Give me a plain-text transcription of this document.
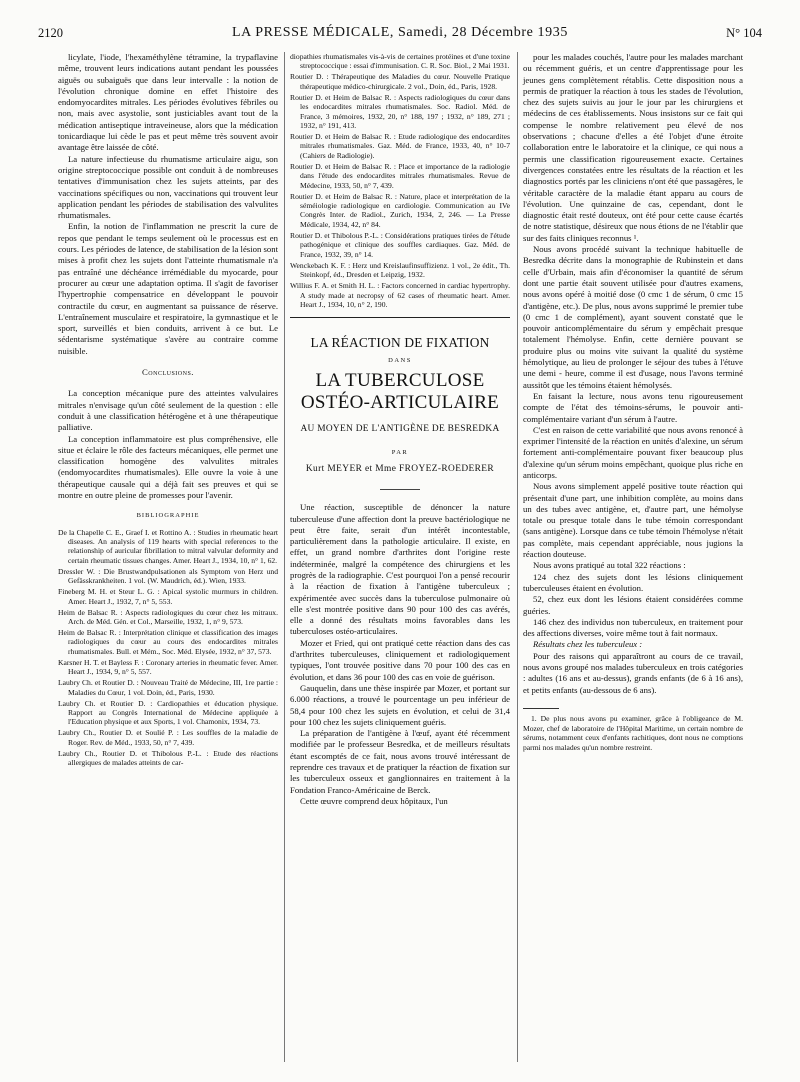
2120	LA PRESSE MÉDICALE, Samedi, 28 Décembre 1935	N° 104

licylate, l'iode, l'hexaméthylène tétramine, la trypaflavine même, trouvent leurs indications autant pendant les poussées aiguës ou subaiguës que dans leur intervalle : la notion de l'évolution chronique domine en effet l'histoire des endomyocardites mitrales. Les périodes évolutives fébriles ou non, mais avec asystolie, sont justiciables avant tout de la médication antiseptique intraveineuse, alors que la médication tonicardiaque lui cède le pas et peut même très souvent avoir avantage être laissée de côté.

La nature infectieuse du rhumatisme articulaire aigu, son origine streptococcique possible ont conduit à de nombreuses tentatives d'immunisation chez les sujets atteints, par des vaccinations spécifiques ou non, vaccinations qui trouvent leur application pendant les périodes de stabilisation des valvulites rhumatismales.

Enfin, la notion de l'inflammation ne prescrit la cure de repos que pendant le temps seulement où le processus est en cours. Les périodes de latence, de stabilisation de la lésion sont mises à profit chez les sujets dont l'atteinte rhumatismale n'a pas entraîné une déchéance irrémédiable du myocarde, pour procurer au cœur une adaptation optima. Il s'agit de favoriser l'hypertrophie compensatrice en développant le pouvoir contractile du cœur, en augmentant sa puissance de réserve. L'entraînement musculaire et respiratoire, la gymnastique et le sport, surveillés et bien conduits, arrivent à ce but. Le sédentarisme systématique s'avère au contraire comme nuisible.

Conclusions.

La conception mécanique pure des atteintes valvulaires mitrales n'envisage qu'un côté seulement de la question : elle conduit à une classification hétérogène et à une thérapeutique palliative.

La conception inflammatoire est plus compréhensive, elle situe et éclaire le rôle des facteurs mécaniques, elle permet une classification homogène des valvulites mitrales (endomyocardites rhumatismales). Elle ouvre la voie à une thérapeutique causale qui a déjà fait ses preuves et qui se montre en outre pleine de promesses pour l'avenir.

BIBLIOGRAPHIE
De la Chapelle C. E., Graef I. et Rottino A. : Studies in rheumatic heart diseases. An analysis of 119 hearts with special references to the relationship of auricular fibrillation to mitral valvular deformity and certain rheumatic tissues changes. Amer. Heart J., 1934, 10, n° 1, 62.
Dressler W. : Die Brustwandpulsationen als Symptom von Herz und Gefässkrankheiten. 1 vol. (W. Maudrich, éd.). Wien, 1933.
Fineberg M. H. et Steur L. G. : Apical systolic murmurs in children. Amer. Heart J., 1932, 7, n° 5, 553.
Heim de Balsac R. : Aspects radiologiques du cœur chez les mitraux. Arch. de Méd. Gén. et Col., Marseille, 1932, 1, n° 9, 573.
Heim de Balsac R. : Interprétation clinique et classification des images radiologiques du cœur au cours des endocardites mitrales rhumatismales. Bull. et Mém., Soc. Méd. Elysée, 1932, n° 37, 573.
Karsner H. T. et Bayless F. : Coronary arteries in rheumatic fever. Amer. Heart J., 1934, 9, n° 5, 557.
Laubry Ch. et Routier D. : Nouveau Traité de Médecine, III, 1re partie : Maladies du Cœur, 1 vol. Doin, éd., Paris, 1930.
Laubry Ch. et Routier D. : Cardiopathies et éducation physique. Rapport au Congrès International de Médecine appliquée à l'Education physique et aux Sports, 1 vol. Chamonix, 1934, 73.
Laubry Ch., Routier D. et Soulié P. : Les souffles de la maladie de Roger. Rev. de Méd., 1933, 50, n° 7, 439.
Laubry Ch., Routier D. et Thibolous P.-L. : Etude des réactions allergiques de malades atteints de car-
diopathies rhumatismales vis-à-vis de certaines protéines et d'une toxine streptococcique : essai d'immunisation. C. R. Soc. Biol., 2 Mai 1931.
Routier D. : Thérapeutique des Maladies du cœur. Nouvelle Pratique thérapeutique médico-chirurgicale. 2 vol., Doin, éd., Paris, 1928.
Routier D. et Heim de Balsac R. : Aspects radiologiques du cœur dans les endocardites mitrales rhumatismales. Soc. Radiol. Méd. de France, 3 mémoires, 1932, 20, n° 188, 197 ; 1932, n° 189, 271 ; 1932, n° 191, 413.
Routier D. et Heim de Balsac R. : Etude radiologique des endocardites mitrales rhumatismales. Gaz. Méd. de France, 1933, 40, n° 10-7 (Cahiers de Radiologie).
Routier D. et Heim de Balsac R. : Place et importance de la radiologie dans l'étude des endocardites mitrales rhumatismales. Revue de Médecine, 1933, 50, n° 7, 439.
Routier D. et Heim de Balsac R. : Nature, place et interprétation de la séméiologie radiologique en cardiologie. Communication au IVe Congrès Inter. de Radiol., Zurich, 1934, 2, 246. — La Presse Médicale, 1934, 42, n° 84.
Routier D. et Thibolous P.-L. : Considérations pratiques tirées de l'étude pathogénique et clinique des souffles cardiaques. Gaz. Méd. de France, 1932, 39, n° 14.
Wenckebach K. F. : Herz und Kreislaufinsuffizienz. 1 vol., 2e édit., Th. Steinkopf, éd., Dresden et Leipzig, 1932.
Willius F. A. et Smith H. L. : Factors concerned in cardiac hypertrophy. A study made at necropsy of 62 cases of rheumatic heart. Amer. Heart J., 1934, 10, n° 2, 190.
LA RÉACTION DE FIXATION
DANS
LA TUBERCULOSE
OSTÉO-ARTICULAIRE
AU MOYEN DE L'ANTIGÈNE DE BESREDKA
PAR
Kurt MEYER et Mme FROYEZ-ROEDERER

Une réaction, susceptible de dénoncer la nature tuberculeuse d'une affection dont la preuve bactériologique ne peut être faite, serait d'un intérêt incontestable, particulièrement dans la pathologie articulaire. Il existe, en effet, un grand nombre d'arthrites dont l'origine reste indéterminée, malgré la compétence des chirurgiens et les progrès de la radiographie. C'est pourquoi l'on a pensé recourir à la réaction de fixation à l'antigène tuberculeux ; expérimentée avec succès dans la tuberculose pulmonaire où elle s'est montrée positive dans 90 pour 100 des cas avérés, elle a donné des résultats moins favorables dans les tuberculoses ostéo-articulaires.

Mozer et Fried, qui ont pratiqué cette réaction dans des cas d'arthrites tuberculeuses, cliniquement et radiologiquement typiques, l'ont trouvée positive dans 70 pour 100 des cas en évolution, et dans 36 pour 100 des cas en voie de guérison.

Gauquelin, dans une thèse inspirée par Mozer, et portant sur 6.000 réactions, a trouvé le pourcentage un peu inférieur de 58,4 pour 100 chez les sujets en évolution, et celui de 31,4 pour 100 chez les sujets cliniquement guéris.

La préparation de l'antigène à l'œuf, ayant été récemment modifiée par le professeur Besredka, et de meilleurs résultats étant escomptés de ce fait, nous avons trouvé intéressant de reprendre ces travaux et de pratiquer la réaction de fixation sur les tuberculeux osseux et ganglionnaires en traitement à la Fondation Franco-Américaine de Berck.

Cette œuvre comprend deux hôpitaux, l'un

pour les malades couchés, l'autre pour les malades marchant ou récemment guéris, et un centre d'apprentissage pour les jeunes gens complètement rétablis. Cette disposition nous a permis de pratiquer la réaction à tous les stades de l'évolution, chez des sujets suivis au jour le jour par les chirurgiens et médecins de ces établissements. Nous insistons sur ce fait qui compense le nombre relativement peu élevé de nos observations ; chacune d'elles a été l'objet d'une étroite collaboration entre le laboratoire et la clinique, ce qui nous a permis une classification rigoureusement exacte. Certaines divergences constatées entre les résultats de la réaction et les diagnostics portés par les cliniciens n'ont été que passagères, le véritable caractère de la maladie étant apparu au cours de l'évolution. Une quinzaine de cas, cependant, dont le diagnostic était resté douteux, ont été pour cette cause écartés de notre statistique, désireux que nous étions de ne l'établir que sur des faits cliniques reconnus ¹.

Nous avons procédé suivant la technique habituelle de Besredka décrite dans la monographie de Rubinstein et dans celle d'Urbain, mais afin d'économiser la quantité de sérum dont une partie était souvent utilisée pour d'autres examens, nous avons opéré à moitié dose (0 cmc 1 de sérum, 0 cmc 15 d'antigène, etc.). De plus, nous avons supprimé le premier tube (0 cmc 1 de complément), ayant souvent constaté que le pouvoir anticomplémentaire du sérum y empêchait presque totalement l'hémolyse. Enfin, cette dernière pouvant se produire plus ou moins vite suivant la qualité du système hémolytique, au lieu de prolonger le séjour des tubes à l'étuve une demi - heure, comme il est d'usage, nous l'avons terminé aussitôt que les témoins étaient hémolysés.

En faisant la lecture, nous avons tenu rigoureusement compte de l'état des témoins-sérums, le pouvoir anti-complémentaire variant d'un sérum à l'autre.

C'est en raison de cette variabilité que nous avons renoncé à exprimer l'intensité de la réaction en unités d'alexine, un sérum fortement anti-complémentaire pouvant fixer beaucoup plus d'alexine qu'un sérum moins empêchant, quoique plus riche en anticorps.

Nous avons simplement appelé positive toute réaction qui présentait d'une part, une inhibition complète, au moins dans un des tubes avec antigène, et, d'autre part, une hémolyse totale ou presque totale dans le tube témoin correspondant (sans antigène). Lorsque dans ce tube témoin l'hémolyse n'était pas complète, mais cependant appréciable, nous jugions la réaction douteuse.

Nous avons pratiqué au total 322 réactions :

124 chez des sujets dont les lésions cliniquement tuberculeuses étaient en évolution.

52, chez eux dont les lésions étaient considérées comme guéries.

146 chez des individus non tuberculeux, en traitement pour des affections diverses, voire même tout à fait normaux.

Résultats chez les tuberculeux :

Pour des raisons qui apparaîtront au cours de ce travail, nous avons groupé nos malades tuberculeux en trois catégories : adultes (16 ans et au-dessus), grands enfants (de 6 à 16 ans), et petits enfants (au-dessous de 6 ans).

1. De plus nous avons pu examiner, grâce à l'obligeance de M. Mozer, chef de laboratoire de l'Hôpital Maritime, un certain nombre de sérums, notamment ceux d'enfants rachitiques, dont nous ne comptions parmi nos malades qu'un nombre restreint.
